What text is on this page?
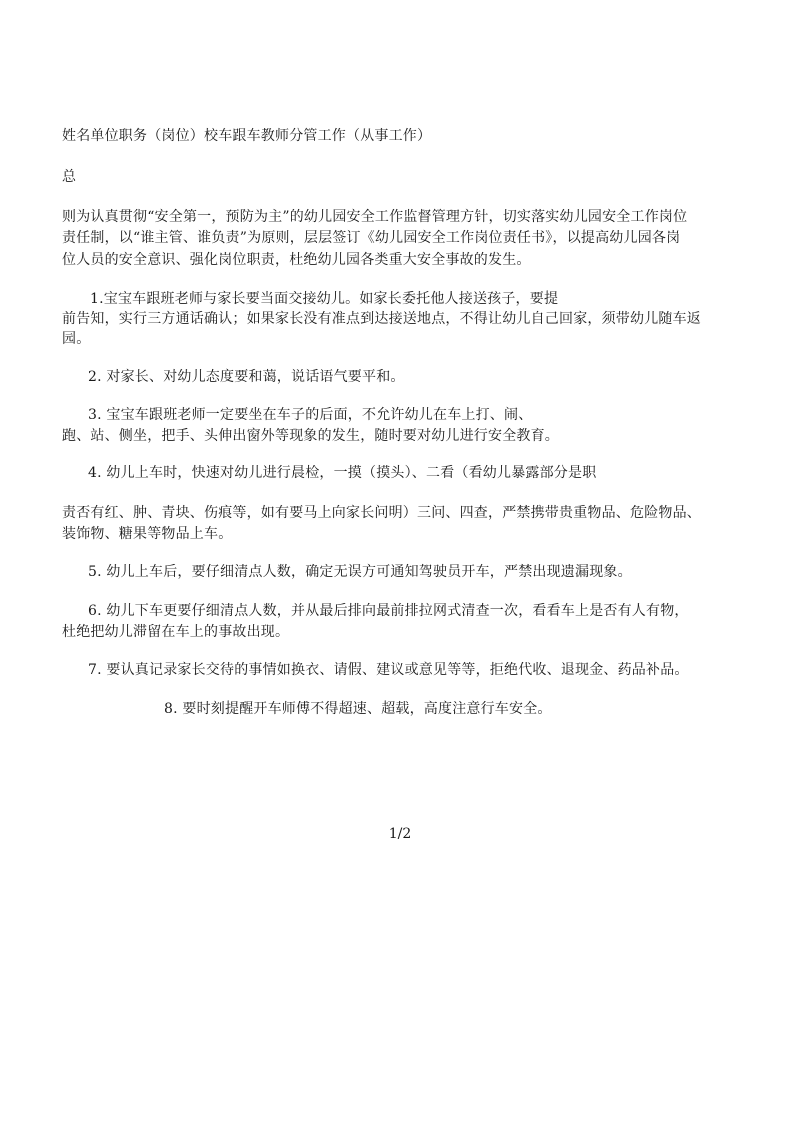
姓名单位职务（岗位）校车跟车教师分管工作（从事工作）
总
则为认真贯彻“安全第一，预防为主”的幼儿园安全工作监督管理方针，切实落实幼儿园安全工作岗位
责任制，以“谁主管、谁负责”为原则，层层签订《幼儿园安全工作岗位责任书》，以提高幼儿园各岗
位人员的安全意识、强化岗位职责，杜绝幼儿园各类重大安全事故的发生。
1.宝宝车跟班老师与家长要当面交接幼儿。如家长委托他人接送孩子，要提
前告知，实行三方通话确认；如果家长没有准点到达接送地点，不得让幼儿自己回家，须带幼儿随车返
园。
2. 对家长、对幼儿态度要和蔼，说话语气要平和。
3. 宝宝车跟班老师一定要坐在车子的后面，不允许幼儿在车上打、闹、
跑、站、侧坐，把手、头伸出窗外等现象的发生，随时要对幼儿进行安全教育。
4. 幼儿上车时，快速对幼儿进行晨检，一摸（摸头）、二看（看幼儿暴露部分是职
责否有红、肿、青块、伤痕等，如有要马上向家长问明）三问、四查，严禁携带贵重物品、危险物品、
装饰物、糖果等物品上车。
5. 幼儿上车后，要仔细清点人数，确定无误方可通知驾驶员开车，严禁出现遗漏现象。
6. 幼儿下车更要仔细清点人数，并从最后排向最前排拉网式清查一次，看看车上是否有人有物，
杜绝把幼儿滞留在车上的事故出现。
7. 要认真记录家长交待的事情如换衣、请假、建议或意见等等，拒绝代收、退现金、药品补品。
8. 要时刻提醒开车师傅不得超速、超载，高度注意行车安全。
1/2
